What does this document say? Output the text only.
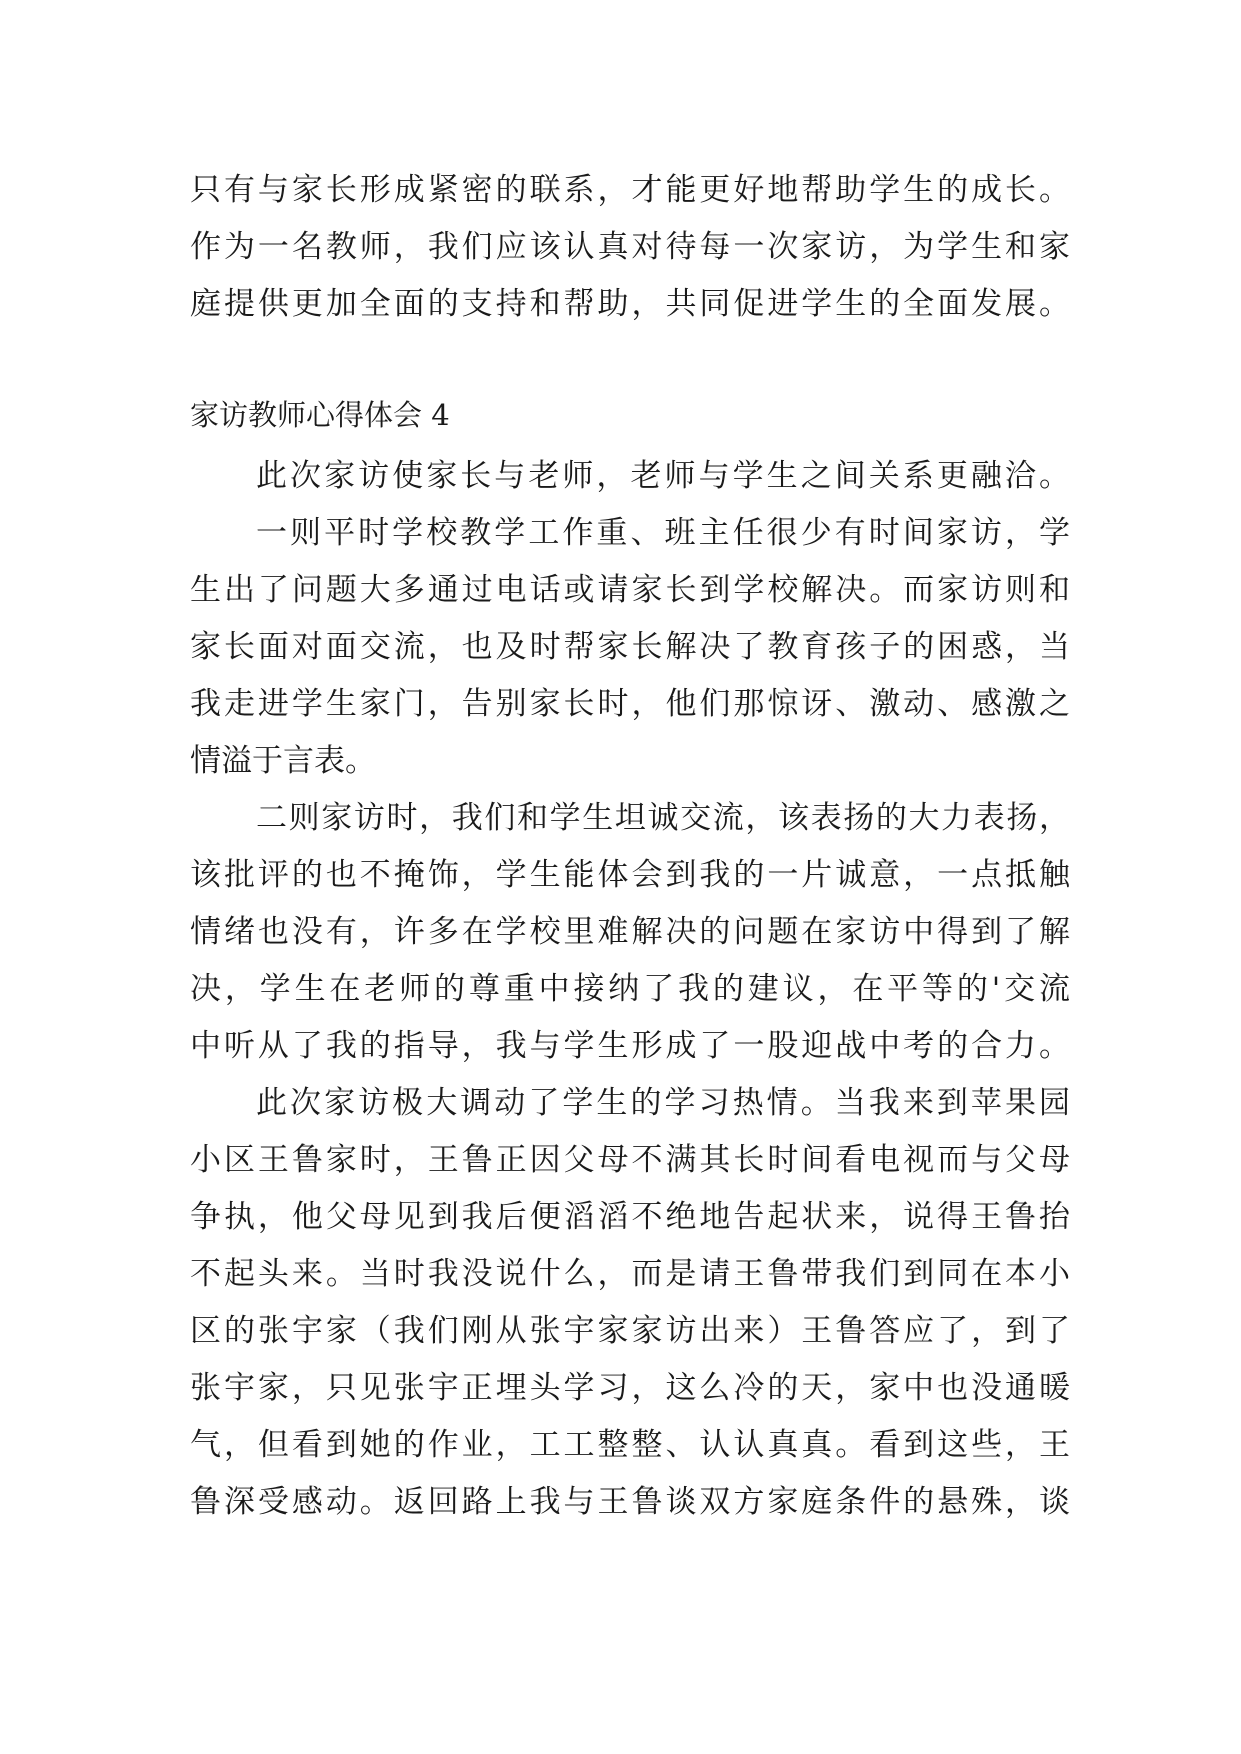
只有与家长形成紧密的联系，才能更好地帮助学生的成长。
作为一名教师，我们应该认真对待每一次家访，为学生和家
庭提供更加全面的支持和帮助，共同促进学生的全面发展。
家访教师心得体会 4
此次家访使家长与老师，老师与学生之间关系更融洽。
一则平时学校教学工作重、班主任很少有时间家访，学
生出了问题大多通过电话或请家长到学校解决。而家访则和
家长面对面交流，也及时帮家长解决了教育孩子的困惑，当
我走进学生家门，告别家长时，他们那惊讶、激动、感激之
情溢于言表。
二则家访时，我们和学生坦诚交流，该表扬的大力表扬，
该批评的也不掩饰，学生能体会到我的一片诚意，一点抵触
情绪也没有，许多在学校里难解决的问题在家访中得到了解
决，学生在老师的尊重中接纳了我的建议，在平等的'交流
中听从了我的指导，我与学生形成了一股迎战中考的合力。
此次家访极大调动了学生的学习热情。当我来到苹果园
小区王鲁家时，王鲁正因父母不满其长时间看电视而与父母
争执，他父母见到我后便滔滔不绝地告起状来，说得王鲁抬
不起头来。当时我没说什么，而是请王鲁带我们到同在本小
区的张宇家（我们刚从张宇家家访出来）王鲁答应了，到了
张宇家，只见张宇正埋头学习，这么冷的天，家中也没通暖
气，但看到她的作业，工工整整、认认真真。看到这些，王
鲁深受感动。返回路上我与王鲁谈双方家庭条件的悬殊，谈
